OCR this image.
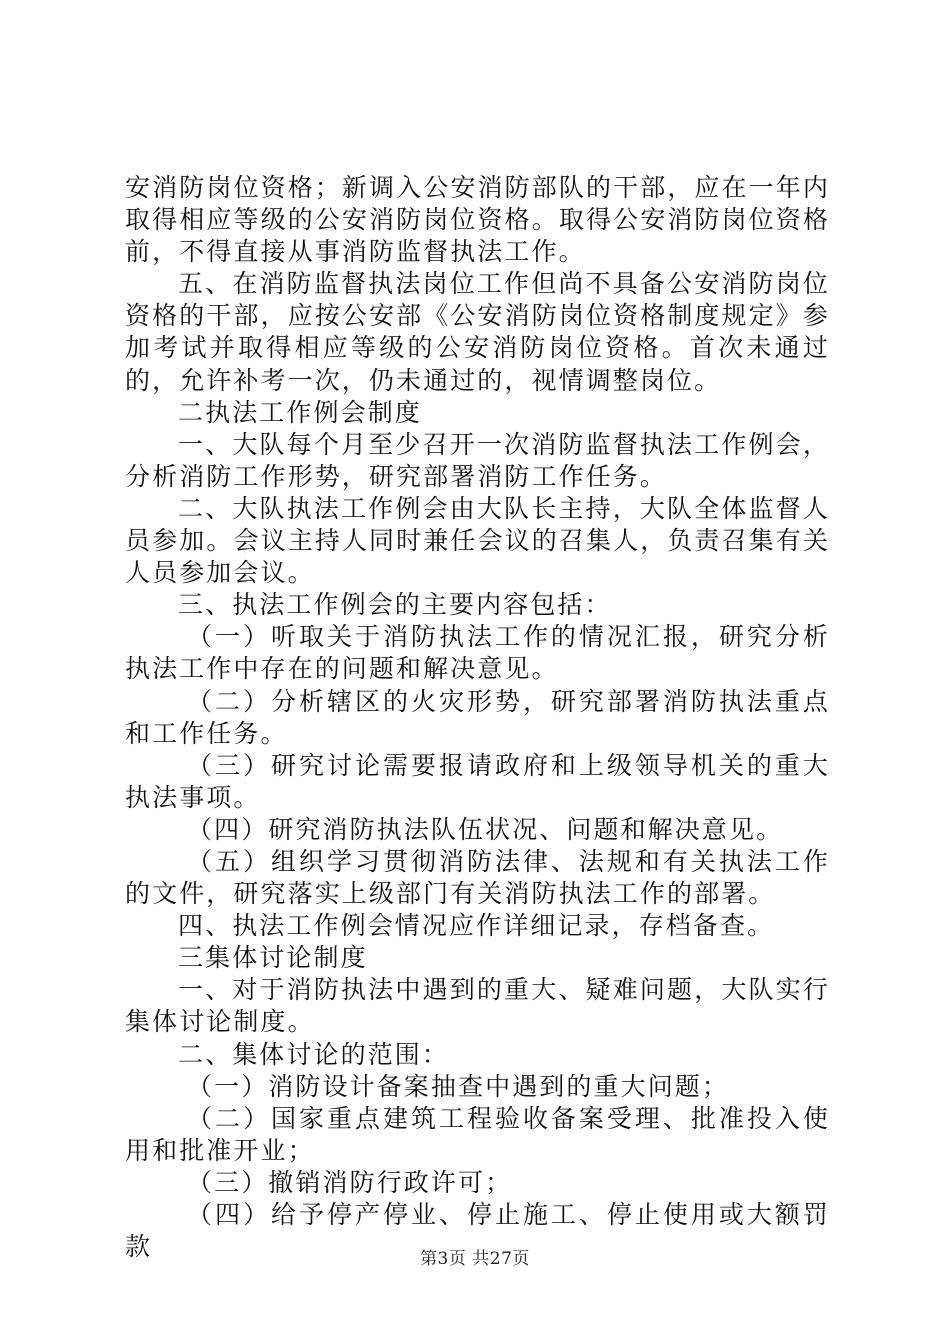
安消防岗位资格；新调入公安消防部队的干部，应在一年内取得相应等级的公安消防岗位资格。取得公安消防岗位资格前，不得直接从事消防监督执法工作。

五、在消防监督执法岗位工作但尚不具备公安消防岗位资格的干部，应按公安部《公安消防岗位资格制度规定》参加考试并取得相应等级的公安消防岗位资格。首次未通过的，允许补考一次，仍未通过的，视情调整岗位。

二执法工作例会制度

一、大队每个月至少召开一次消防监督执法工作例会，分析消防工作形势，研究部署消防工作任务。

二、大队执法工作例会由大队长主持，大队全体监督人员参加。会议主持人同时兼任会议的召集人，负责召集有关人员参加会议。

三、执法工作例会的主要内容包括：

（一）听取关于消防执法工作的情况汇报，研究分析执法工作中存在的问题和解决意见。

（二）分析辖区的火灾形势，研究部署消防执法重点和工作任务。

（三）研究讨论需要报请政府和上级领导机关的重大执法事项。

（四）研究消防执法队伍状况、问题和解决意见。

（五）组织学习贯彻消防法律、法规和有关执法工作的文件，研究落实上级部门有关消防执法工作的部署。

四、执法工作例会情况应作详细记录，存档备查。

三集体讨论制度

一、对于消防执法中遇到的重大、疑难问题，大队实行集体讨论制度。

二、集体讨论的范围：

（一）消防设计备案抽查中遇到的重大问题；

（二）国家重点建筑工程验收备案受理、批准投入使用和批准开业；

（三）撤销消防行政许可；

（四）给予停产停业、停止施工、停止使用或大额罚款	第3页 共27页
